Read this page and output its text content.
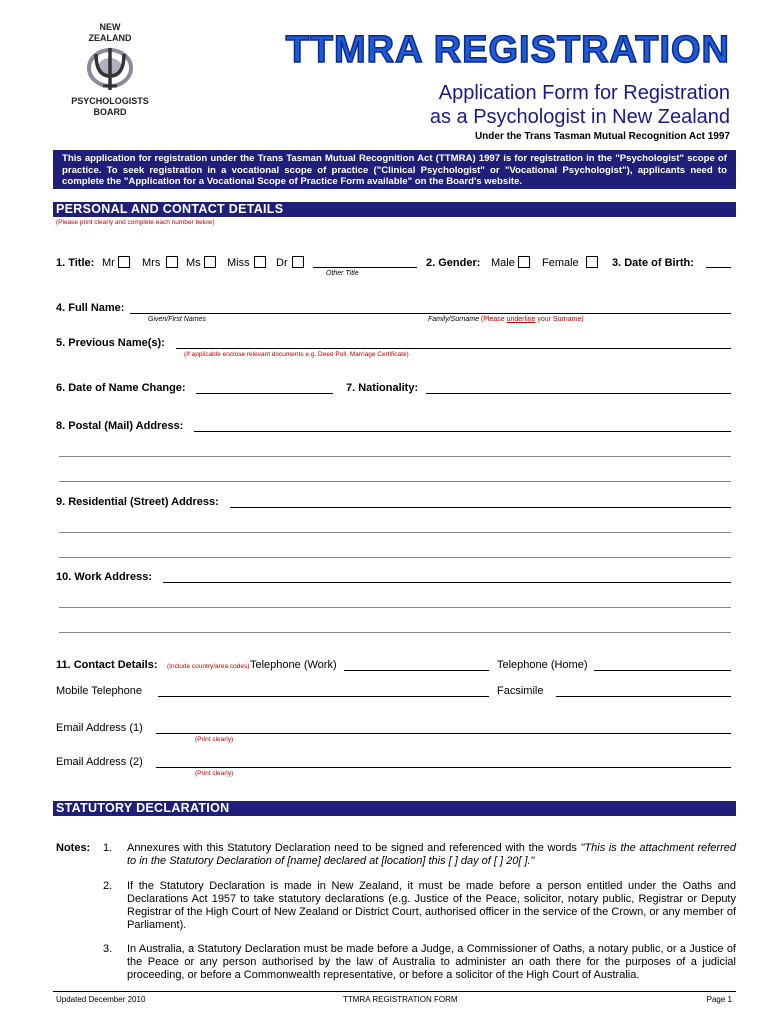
NEW
ZEALAND
PSYCHOLOGISTS
BOARD
TTMRA REGISTRATION
Application Form for Registration
as a Psychologist in New Zealand
Under the Trans Tasman Mutual Recognition Act 1997
This application for registration under the Trans Tasman Mutual Recognition Act (TTMRA) 1997 is for registration in the "Psychologist" scope of practice. To seek registration in a vocational scope of practice ("Clinical Psychologist" or "Vocational Psychologist"), applicants need to complete the "Application for a Vocational Scope of Practice Form available" on the Board's website.
PERSONAL AND CONTACT DETAILS
(Please print clearly and complete each number below)
1. Title: Mr Mrs Ms Miss Dr
Other Title
2. Gender: Male Female	3. Date of Birth:
4. Full Name:
Given/First Names	Family/Surname (Please underline your Surname)
5. Previous Name(s):
(If applicable enclose relevant documents e.g. Deed Poll, Marriage Certificate)
6. Date of Name Change:	7. Nationality:
8. Postal (Mail) Address:
9. Residential (Street) Address:
10. Work Address:
11. Contact Details: (Include country/area codes) Telephone (Work)	Telephone (Home)
Mobile Telephone	Facsimile
Email Address (1)
(Print clearly)
Email Address (2)
(Print clearly)
STATUTORY DECLARATION
Notes: 1. Annexures with this Statutory Declaration need to be signed and referenced with the words "This is the attachment referred to in the Statutory Declaration of [name] declared at [location] this [ ] day of [ ] 20[ ]."
2. If the Statutory Declaration is made in New Zealand, it must be made before a person entitled under the Oaths and Declarations Act 1957 to take statutory declarations (e.g. Justice of the Peace, solicitor, notary public, Registrar or Deputy Registrar of the High Court of New Zealand or District Court, authorised officer in the service of the Crown, or any member of Parliament).
3. In Australia, a Statutory Declaration must be made before a Judge, a Commissioner of Oaths, a notary public, or a Justice of the Peace or any person authorised by the law of Australia to administer an oath there for the purposes of a judicial proceeding, or before a Commonwealth representative, or before a solicitor of the High Court of Australia.
Updated December 2010	TTMRA REGISTRATION FORM	Page 1
